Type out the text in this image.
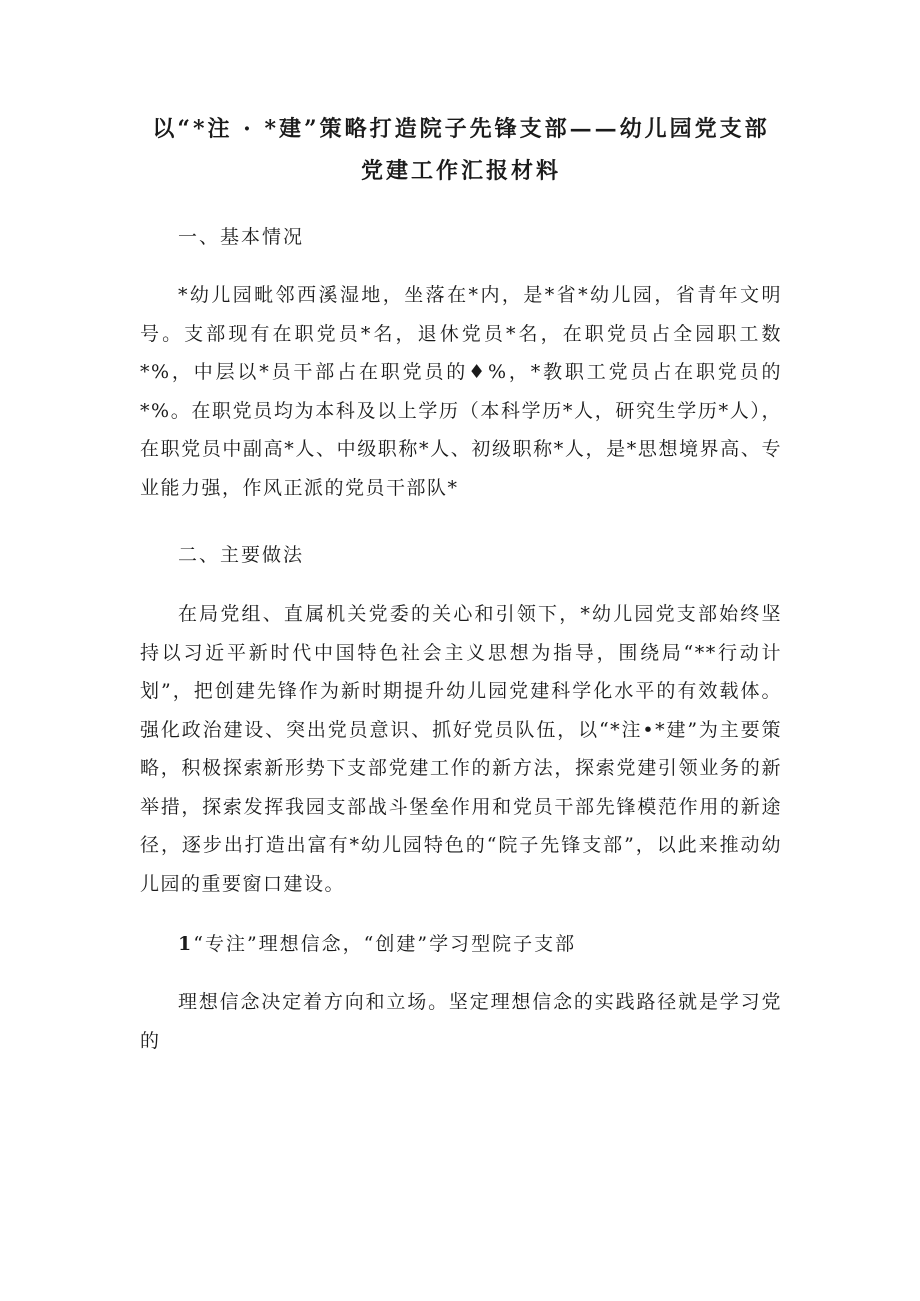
以“*注 · *建”策略打造院子先锋支部——幼儿园党支部党建工作汇报材料

一、基本情况

*幼儿园毗邻西溪湿地，坐落在*内，是*省*幼儿园，省青年文明号。支部现有在职党员*名，退休党员*名，在职党员占全园职工数*%，中层以*员干部占在职党员的♦%，*教职工党员占在职党员的*%。在职党员均为本科及以上学历（本科学历*人，研究生学历*人），在职党员中副高*人、中级职称*人、初级职称*人，是*思想境界高、专业能力强，作风正派的党员干部队*

二、主要做法

在局党组、直属机关党委的关心和引领下，*幼儿园党支部始终坚持以习近平新时代中国特色社会主义思想为指导，围绕局“**行动计划”，把创建先锋作为新时期提升幼儿园党建科学化水平的有效载体。强化政治建设、突出党员意识、抓好党员队伍，以“*注•*建”为主要策略，积极探索新形势下支部党建工作的新方法，探索党建引领业务的新举措，探索发挥我园支部战斗堡垒作用和党员干部先锋模范作用的新途径，逐步出打造出富有*幼儿园特色的“院子先锋支部”，以此来推动幼儿园的重要窗口建设。

1“专注”理想信念，“创建”学习型院子支部

理想信念决定着方向和立场。坚定理想信念的实践路径就是学习党的
